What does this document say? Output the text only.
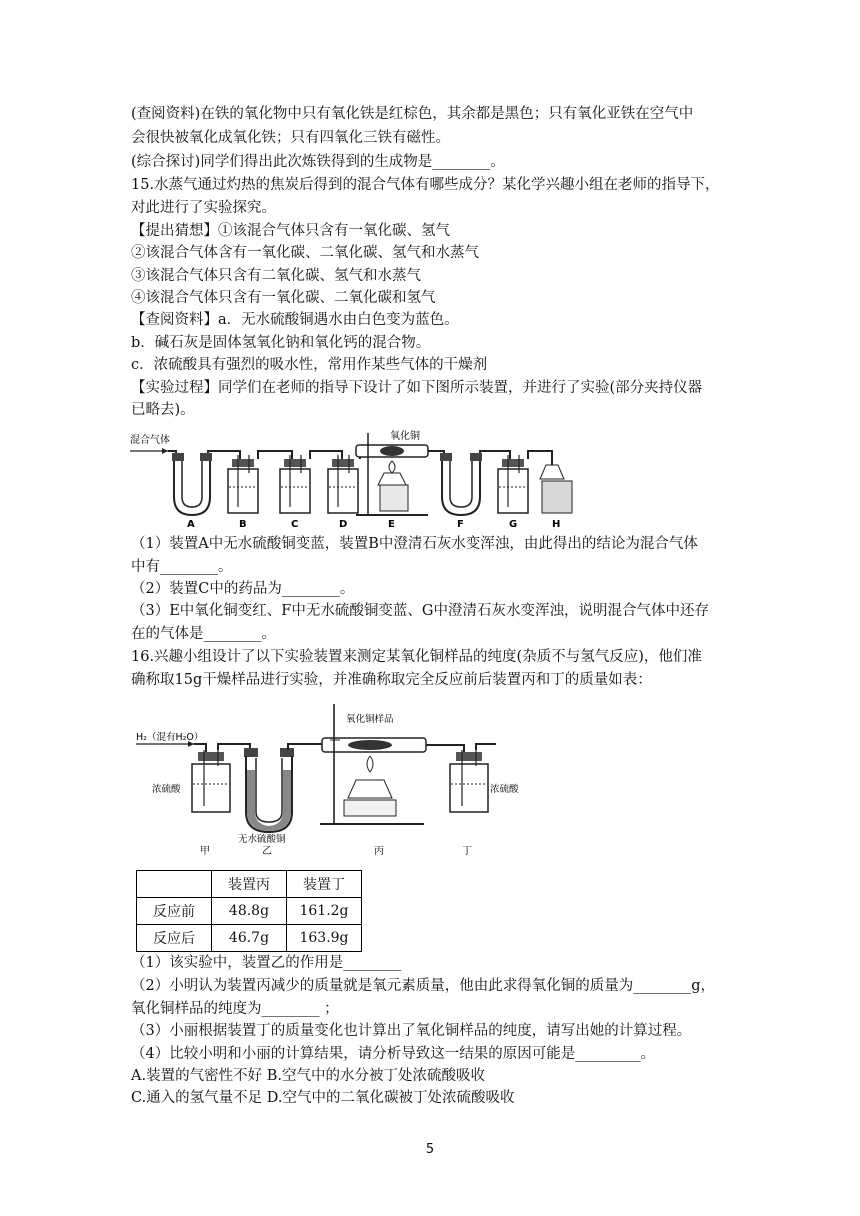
(查阅资料)在铁的氧化物中只有氧化铁是红棕色，其余都是黑色；只有氧化亚铁在空气中
会很快被氧化成氧化铁；只有四氧化三铁有磁性。
(综合探讨)同学们得出此次炼铁得到的生成物是________。
15.水蒸气通过灼热的焦炭后得到的混合气体有哪些成分？某化学兴趣小组在老师的指导下，
对此进行了实验探究。
【提出猜想】①该混合气体只含有一氧化碳、氢气
②该混合气体含有一氧化碳、二氧化碳、氢气和水蒸气
③该混合气体只含有二氧化碳、氢气和水蒸气
④该混合气体只含有一氧化碳、二氧化碳和氢气
【查阅资料】a．无水硫酸铜遇水由白色变为蓝色。
b．碱石灰是固体氢氧化钠和氧化钙的混合物。
c．浓硫酸具有强烈的吸水性，常用作某些气体的干燥剂
【实验过程】同学们在老师的指导下设计了如下图所示装置，并进行了实验(部分夹持仪器
已略去)。
混合气体	氧化铜
A	B	C	D	E	F	G	H
（1）装置A中无水硫酸铜变蓝，装置B中澄清石灰水变浑浊，由此得出的结论为混合气体
中有________。
（2）装置C中的药品为________。
（3）E中氧化铜变红、F中无水硫酸铜变蓝、G中澄清石灰水变浑浊，说明混合气体中还存
在的气体是________。
16.兴趣小组设计了以下实验装置来测定某氧化铜样品的纯度(杂质不与氢气反应)，他们准
确称取15g干燥样品进行实验，并准确称取完全反应前后装置丙和丁的质量如表：
H₂（混有H₂O）
浓硫酸
无水硫酸铜
氧化铜样品
浓硫酸
甲	乙	丙	丁
	装置丙	装置丁
反应前	48.8g	161.2g
反应后	46.7g	163.9g
（1）该实验中，装置乙的作用是________
（2）小明认为装置丙减少的质量就是氧元素质量，他由此求得氧化铜的质量为________g，
氧化铜样品的纯度为________ ；
（3）小丽根据装置丁的质量变化也计算出了氧化铜样品的纯度，请写出她的计算过程。
（4）比较小明和小丽的计算结果，请分析导致这一结果的原因可能是_________。
A.装置的气密性不好 B.空气中的水分被丁处浓硫酸吸收
C.通入的氢气量不足 D.空气中的二氧化碳被丁处浓硫酸吸收
5
